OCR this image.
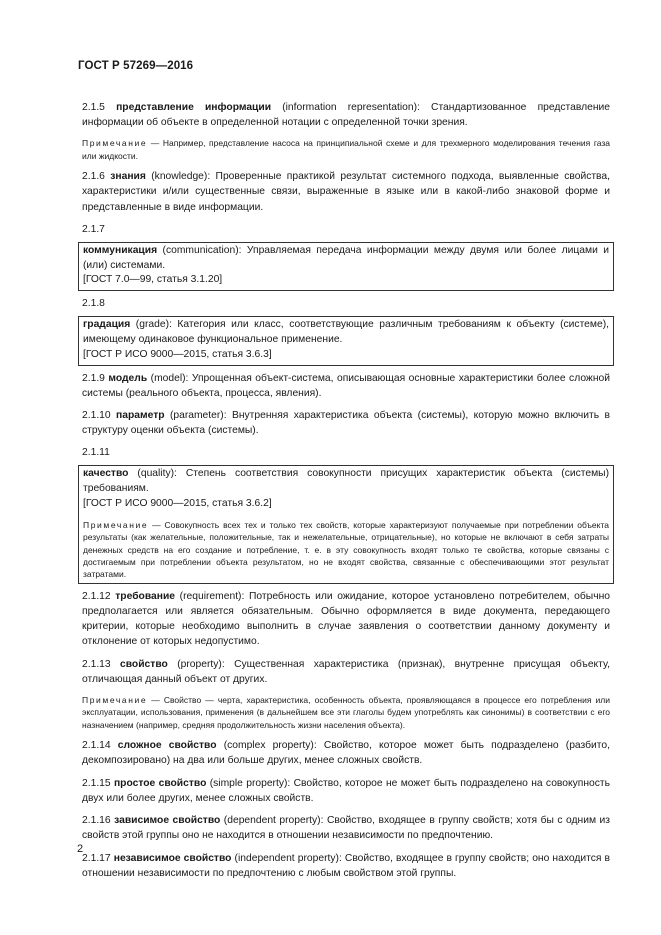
ГОСТ Р 57269—2016

2.1.5 представление информации (information representation): Стандартизованное представление информации об объекте в определенной нотации с определенной точки зрения.

Примечание — Например, представление насоса на принципиальной схеме и для трехмерного моделирования течения газа или жидкости.

2.1.6 знания (knowledge): Проверенные практикой результат системного подхода, выявленные свойства, характеристики и/или существенные связи, выраженные в языке или в какой-либо знаковой форме и представленные в виде информации.

2.1.7

коммуникация (communication): Управляемая передача информации между двумя или более лицами и (или) системами.

[ГОСТ 7.0—99, статья 3.1.20]

2.1.8

градация (grade): Категория или класс, соответствующие различным требованиям к объекту (системе), имеющему одинаковое функциональное применение.

[ГОСТ Р ИСО 9000—2015, статья 3.6.3]

2.1.9 модель (model): Упрощенная объект-система, описывающая основные характеристики более сложной системы (реального объекта, процесса, явления).

2.1.10 параметр (parameter): Внутренняя характеристика объекта (системы), которую можно включить в структуру оценки объекта (системы).

2.1.11

качество (quality): Степень соответствия совокупности присущих характеристик объекта (системы) требованиям.

[ГОСТ Р ИСО 9000—2015, статья 3.6.2]

Примечание — Совокупность всех тех и только тех свойств, которые характеризуют получаемые при потреблении объекта результаты (как желательные, положительные, так и нежелательные, отрицательные), но которые не включают в себя затраты денежных средств на его создание и потребление, т. е. в эту совокупность входят только те свойства, которые связаны с достигаемым при потреблении объекта результатом, но не входят свойства, связанные с обеспечивающими этот результат затратами.

2.1.12 требование (requirement): Потребность или ожидание, которое установлено потребителем, обычно предполагается или является обязательным. Обычно оформляется в виде документа, передающего критерии, которые необходимо выполнить в случае заявления о соответствии данному документу и отклонение от которых недопустимо.

2.1.13 свойство (property): Существенная характеристика (признак), внутренне присущая объекту, отличающая данный объект от других.

Примечание — Свойство — черта, характеристика, особенность объекта, проявляющаяся в процессе его потребления или эксплуатации, использования, применения (в дальнейшем все эти глаголы будем употреблять как синонимы) в соответствии с его назначением (например, средняя продолжительность жизни населения объекта).

2.1.14 сложное свойство (complex property): Свойство, которое может быть подразделено (разбито, декомпозировано) на два или больше других, менее сложных свойств.

2.1.15 простое свойство (simple property): Свойство, которое не может быть подразделено на совокупность двух или более других, менее сложных свойств.

2.1.16 зависимое свойство (dependent property): Свойство, входящее в группу свойств; хотя бы с одним из свойств этой группы оно не находится в отношении независимости по предпочтению.

2.1.17 независимое свойство (independent property): Свойство, входящее в группу свойств; оно находится в отношении независимости по предпочтению с любым свойством этой группы.

2
